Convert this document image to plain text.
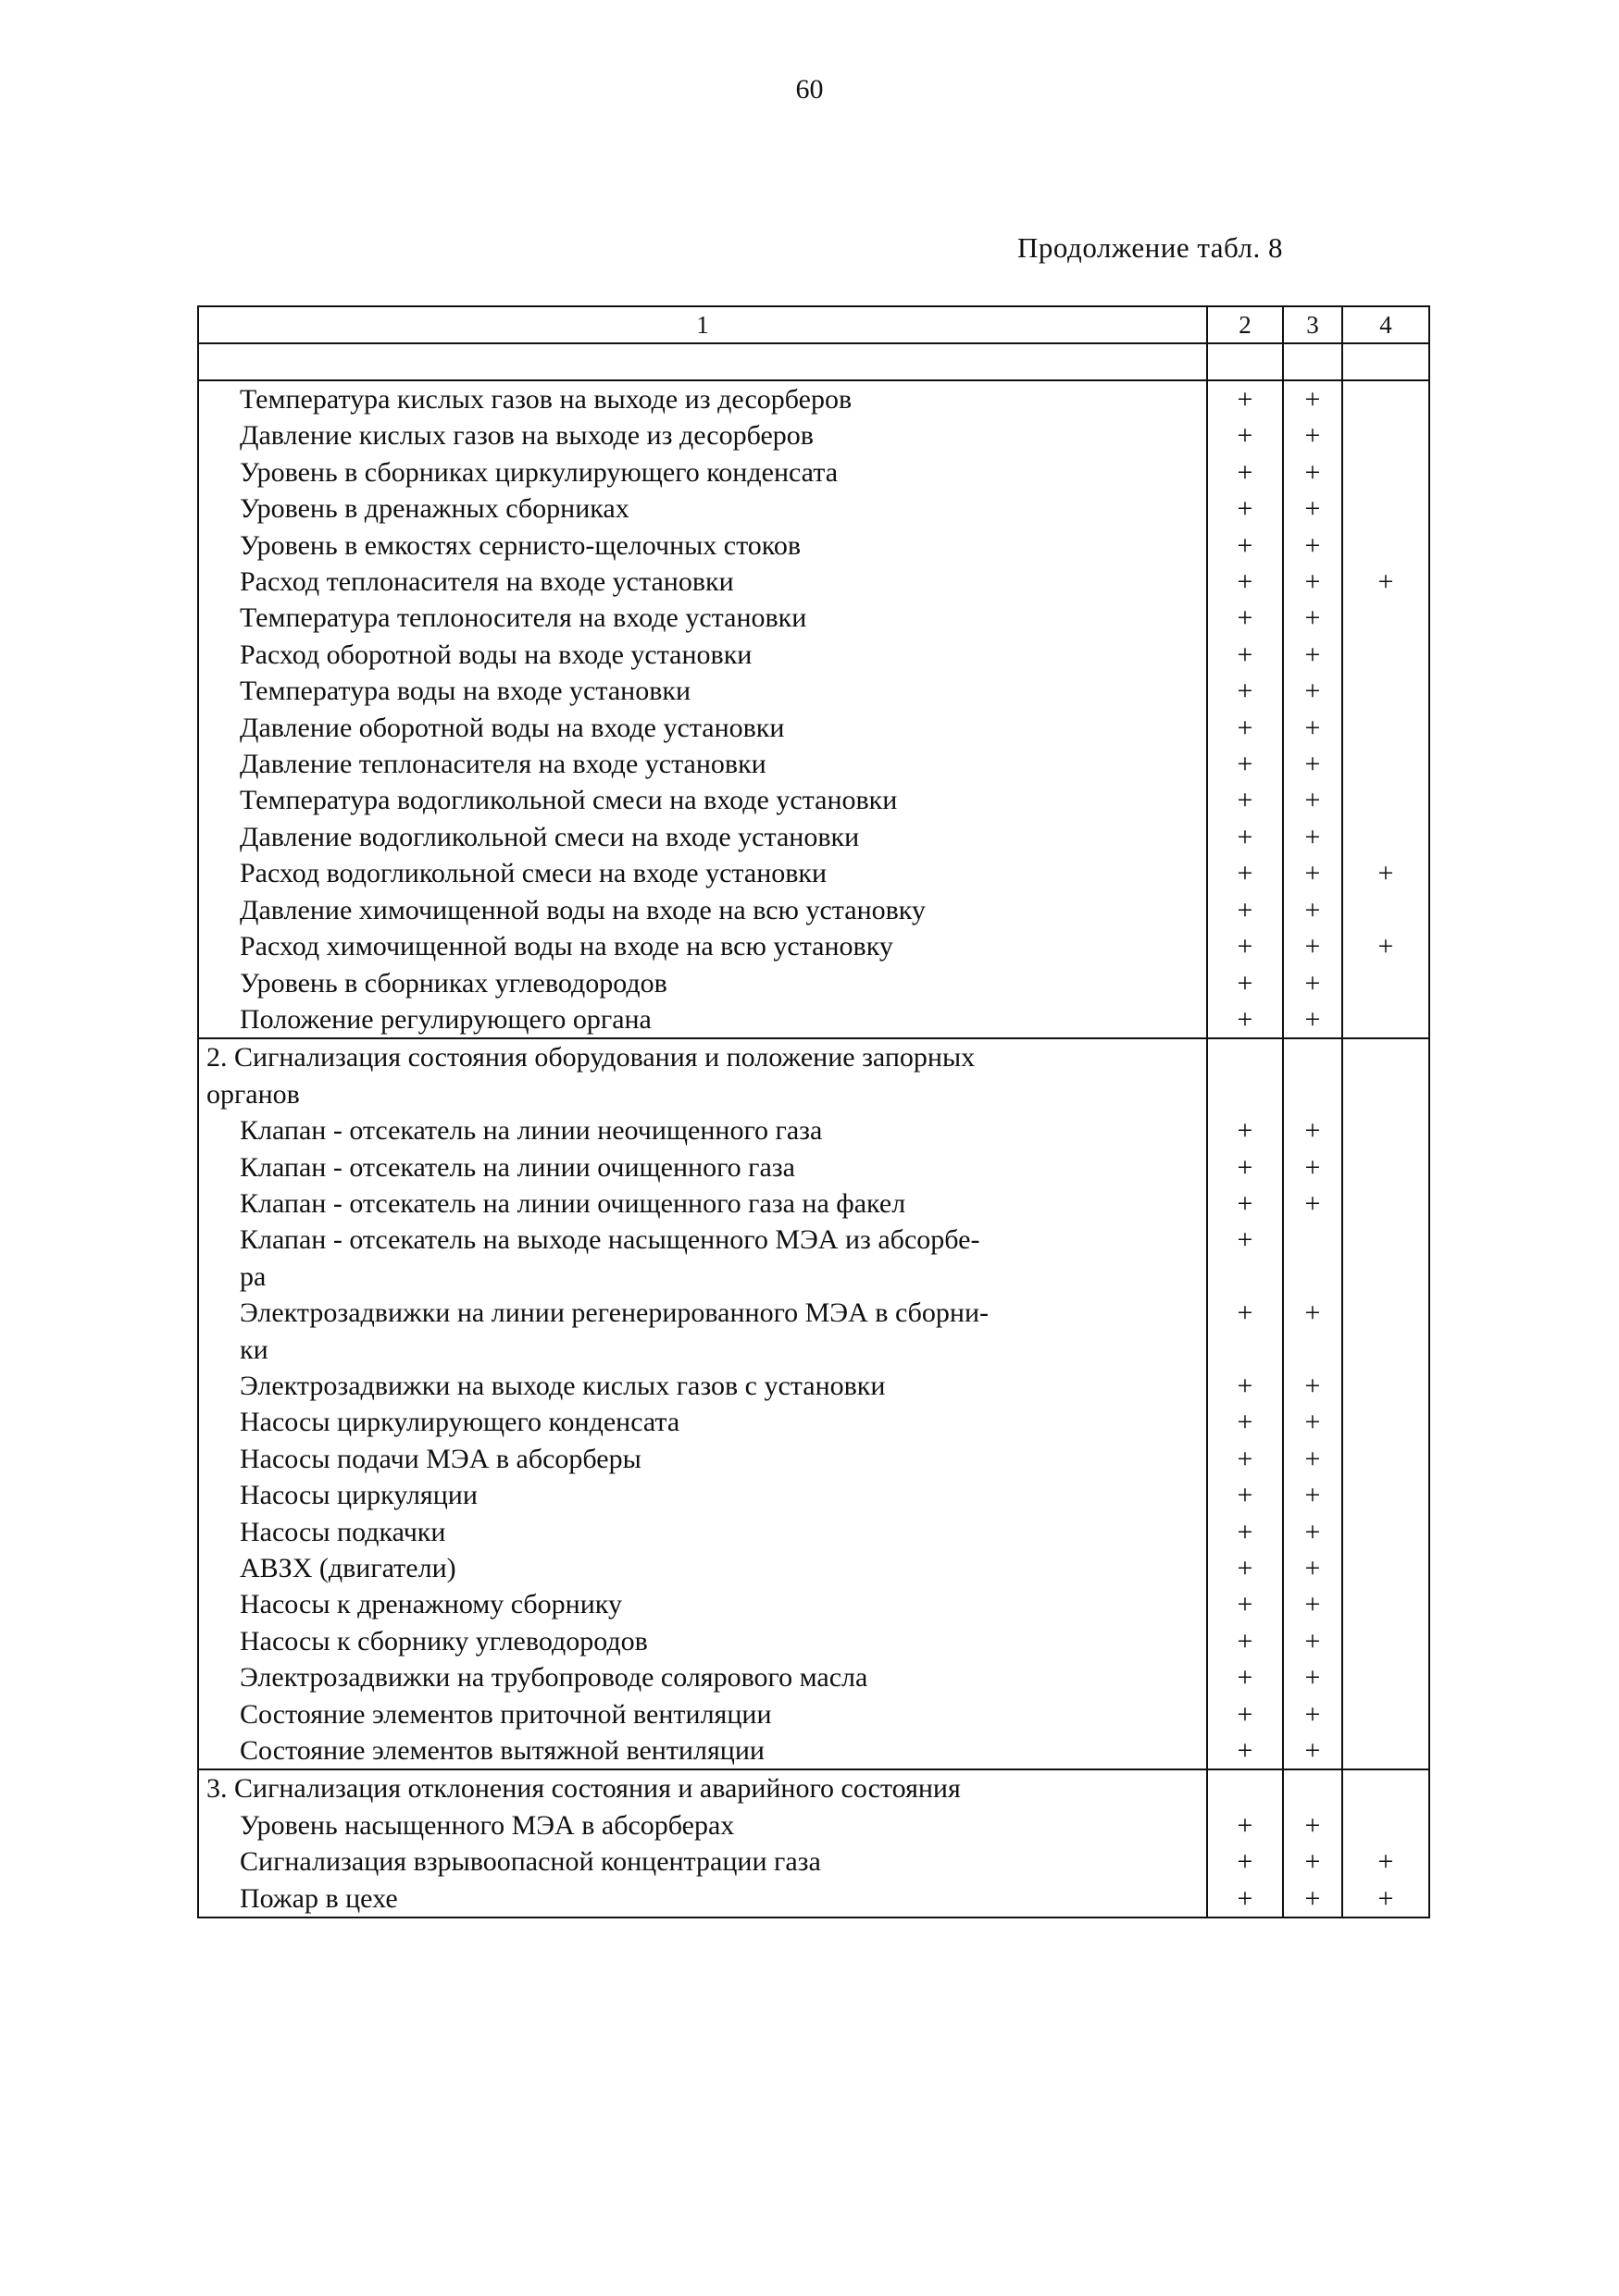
60
Продолжение табл. 8
1	2	3	4

Температура кислых газов на выходе из десорберов	+	+	
Давление кислых газов на выходе из десорберов	+	+	
Уровень в сборниках циркулирующего конденсата	+	+	
Уровень в дренажных сборниках	+	+	
Уровень в емкостях сернисто-щелочных стоков	+	+	
Расход теплонасителя на входе установки	+	+	+
Температура теплоносителя на входе установки	+	+	
Расход оборотной воды на входе установки	+	+	
Температура воды на входе установки	+	+	
Давление оборотной воды на входе установки	+	+	
Давление теплонасителя на входе установки	+	+	
Температура водогликольной смеси на входе установки	+	+	
Давление водогликольной смеси на входе установки	+	+	
Расход водогликольной смеси на входе установки	+	+	+
Давление химочищенной воды на входе на всю установку	+	+	
Расход химочищенной воды на входе на всю установку	+	+	+
Уровень в сборниках углеводородов	+	+	
Положение регулирующего органа	+	+	
2. Сигнализация состояния оборудования и положение запорных			
органов			
Клапан - отсекатель на линии неочищенного газа	+	+	
Клапан - отсекатель на линии очищенного газа	+	+	
Клапан - отсекатель на линии очищенного газа на факел	+	+	
Клапан - отсекатель на выходе насыщенного МЭА из абсорбе-	+		
ра			
Электрозадвижки на линии регенерированного МЭА в сборни-	+	+	
ки			
Электрозадвижки на выходе кислых газов с установки	+	+	
Насосы циркулирующего конденсата	+	+	
Насосы подачи МЭА в абсорберы	+	+	
Насосы циркуляции	+	+	
Насосы подкачки	+	+	
АВЗХ (двигатели)	+	+	
Насосы к дренажному сборнику	+	+	
Насосы к сборнику углеводородов	+	+	
Электрозадвижки на трубопроводе солярового масла	+	+	
Состояние элементов приточной вентиляции	+	+	
Состояние элементов вытяжной вентиляции	+	+	
3. Сигнализация отклонения состояния и аварийного состояния			
Уровень насыщенного МЭА в абсорберах	+	+	
Сигнализация взрывоопасной концентрации газа	+	+	+
Пожар в цехе	+	+	+
